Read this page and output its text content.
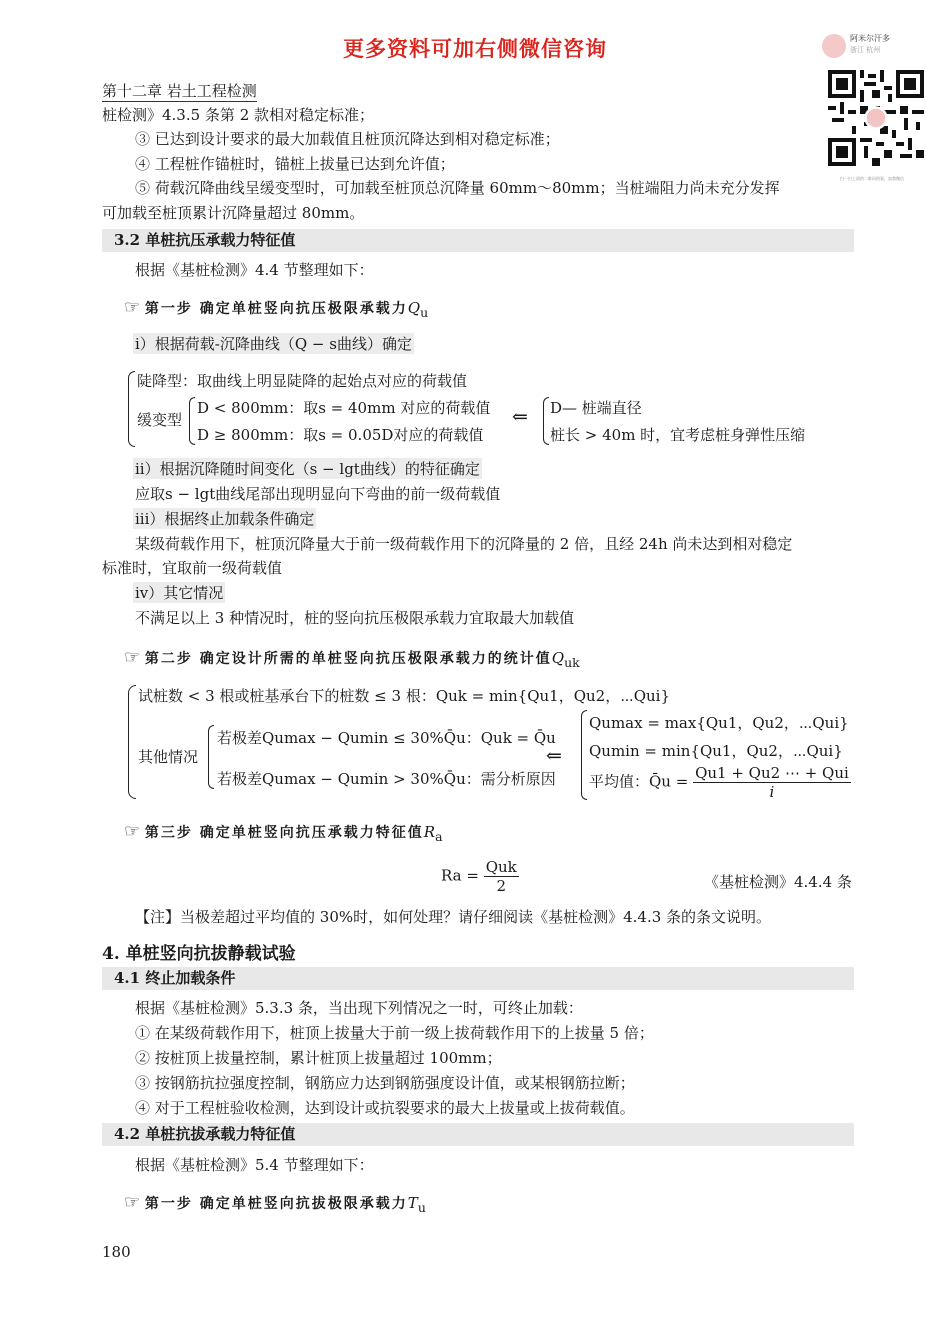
更多资料可加右侧微信咨询	阿米尔汗多
浙江 杭州
扫一扫上面的二维码图案，加我微信
第十二章 岩土工程检测
桩检测》4.3.5 条第 2 款相对稳定标准；
③ 已达到设计要求的最大加载值且桩顶沉降达到相对稳定标准；
④ 工程桩作锚桩时，锚桩上拔量已达到允许值；
⑤ 荷载沉降曲线呈缓变型时，可加载至桩顶总沉降量 60mm～80mm；当桩端阻力尚未充分发挥
可加载至桩顶累计沉降量超过 80mm。
3.2 单桩抗压承载力特征值
根据《基桩检测》4.4 节整理如下：
☞ 第一步 确定单桩竖向抗压极限承载力$Q_u$
i）根据荷载-沉降曲线（Q − s曲线）确定
陡降型：取曲线上明显陡降的起始点对应的荷载值
缓变型
D < 800mm：取s = 40mm 对应的荷载值
D ≥ 800mm：取s = 0.05D对应的荷载值
⇐ D— 桩端直径
桩长 > 40m 时，宜考虑桩身弹性压缩
ii）根据沉降随时间变化（s − lgt曲线）的特征确定
应取s − lgt曲线尾部出现明显向下弯曲的前一级荷载值
iii）根据终止加载条件确定
某级荷载作用下，桩顶沉降量大于前一级荷载作用下的沉降量的 2 倍，且经 24h 尚未达到相对稳定
标准时，宜取前一级荷载值
iv）其它情况
不满足以上 3 种情况时，桩的竖向抗压极限承载力宜取最大加载值
☞ 第二步 确定设计所需的单桩竖向抗压极限承载力的统计值$Q_{uk}$
试桩数 < 3 根或桩基承台下的桩数 ≤ 3 根：Quk = min{Qu1，Qu2，⋯Qui}
其他情况
若极差Qumax − Qumin ≤ 30%Q̄u：Quk = Q̄u
若极差Qumax − Qumin > 30%Q̄u：需分析原因
⇐
Qumax = max{Qu1，Qu2，⋯Qui}
Qumin = min{Qu1，Qu2，⋯Qui}
平均值：Q̄u = $\frac{\text{Qu1 + Qu2 ⋯ + Qui}}{i}$
☞ 第三步 确定单桩竖向抗压承载力特征值$R_a$
$Ra = \frac{\text{Quk}}{2}$	《基桩检测》4.4.4 条
【注】当极差超过平均值的 30%时，如何处理？请仔细阅读《基桩检测》4.4.3 条的条文说明。
4. 单桩竖向抗拔静载试验
4.1 终止加载条件
根据《基桩检测》5.3.3 条，当出现下列情况之一时，可终止加载：
① 在某级荷载作用下，桩顶上拔量大于前一级上拔荷载作用下的上拔量 5 倍；
② 按桩顶上拔量控制，累计桩顶上拔量超过 100mm；
③ 按钢筋抗拉强度控制，钢筋应力达到钢筋强度设计值，或某根钢筋拉断；
④ 对于工程桩验收检测，达到设计或抗裂要求的最大上拔量或上拔荷载值。
4.2 单桩抗拔承载力特征值
根据《基桩检测》5.4 节整理如下：
☞ 第一步 确定单桩竖向抗拔极限承载力$T_u$
180
